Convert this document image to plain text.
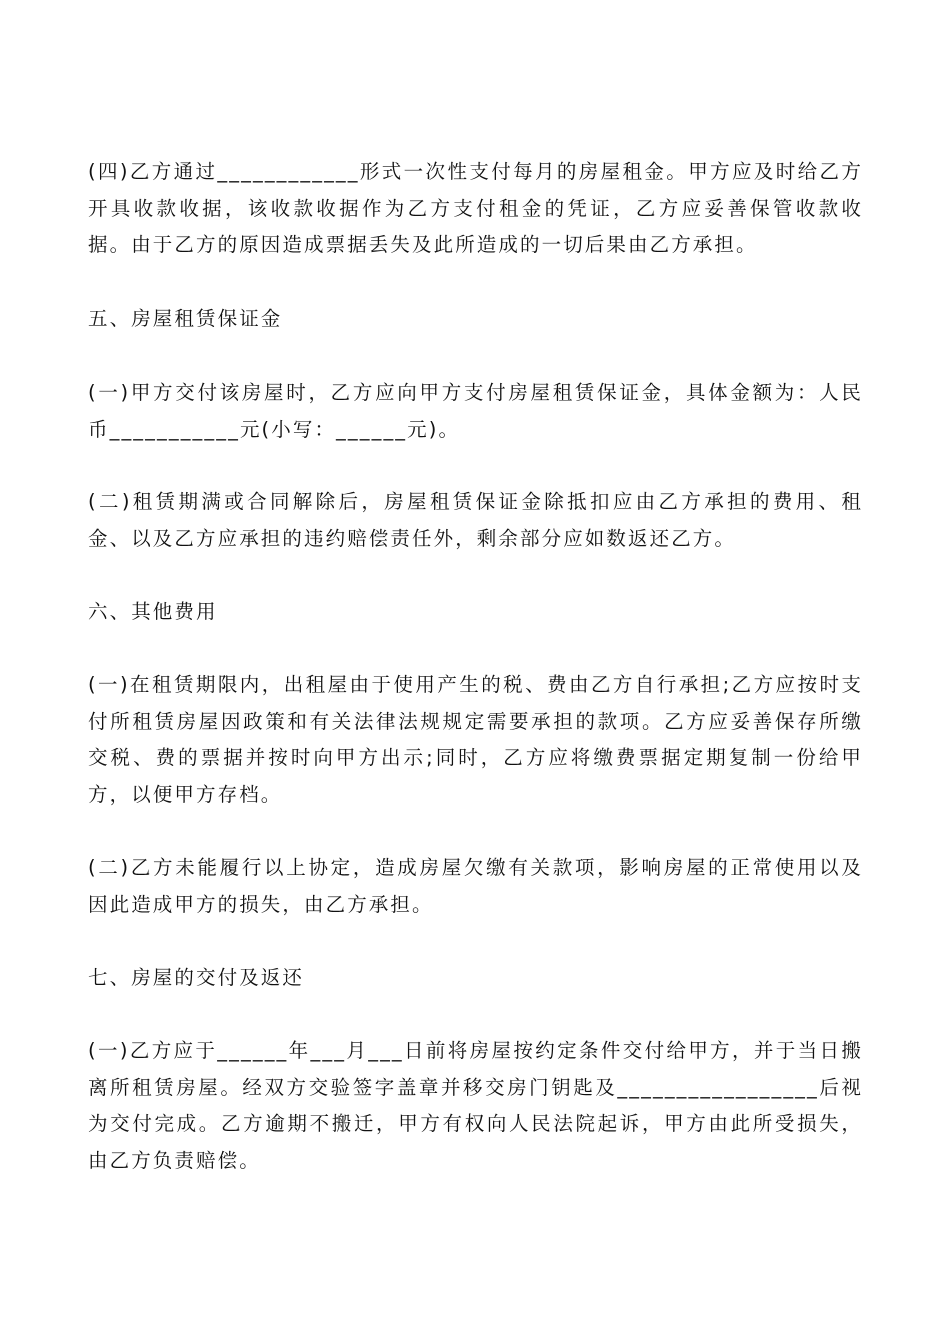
(四)乙方通过____________形式一次性支付每月的房屋租金。甲方应及时给乙方开具收款收据，该收款收据作为乙方支付租金的凭证，乙方应妥善保管收款收据。由于乙方的原因造成票据丢失及此所造成的一切后果由乙方承担。

五、房屋租赁保证金

(一)甲方交付该房屋时，乙方应向甲方支付房屋租赁保证金，具体金额为：人民币___________元(小写：______元)。

(二)租赁期满或合同解除后，房屋租赁保证金除抵扣应由乙方承担的费用、租金、以及乙方应承担的违约赔偿责任外，剩余部分应如数返还乙方。

六、其他费用

(一)在租赁期限内，出租屋由于使用产生的税、费由乙方自行承担;乙方应按时支付所租赁房屋因政策和有关法律法规规定需要承担的款项。乙方应妥善保存所缴交税、费的票据并按时向甲方出示;同时，乙方应将缴费票据定期复制一份给甲方，以便甲方存档。

(二)乙方未能履行以上协定，造成房屋欠缴有关款项，影响房屋的正常使用以及因此造成甲方的损失，由乙方承担。

七、房屋的交付及返还

(一)乙方应于______年___月___日前将房屋按约定条件交付给甲方，并于当日搬离所租赁房屋。经双方交验签字盖章并移交房门钥匙及_________________后视为交付完成。乙方逾期不搬迁，甲方有权向人民法院起诉，甲方由此所受损失，由乙方负责赔偿。
